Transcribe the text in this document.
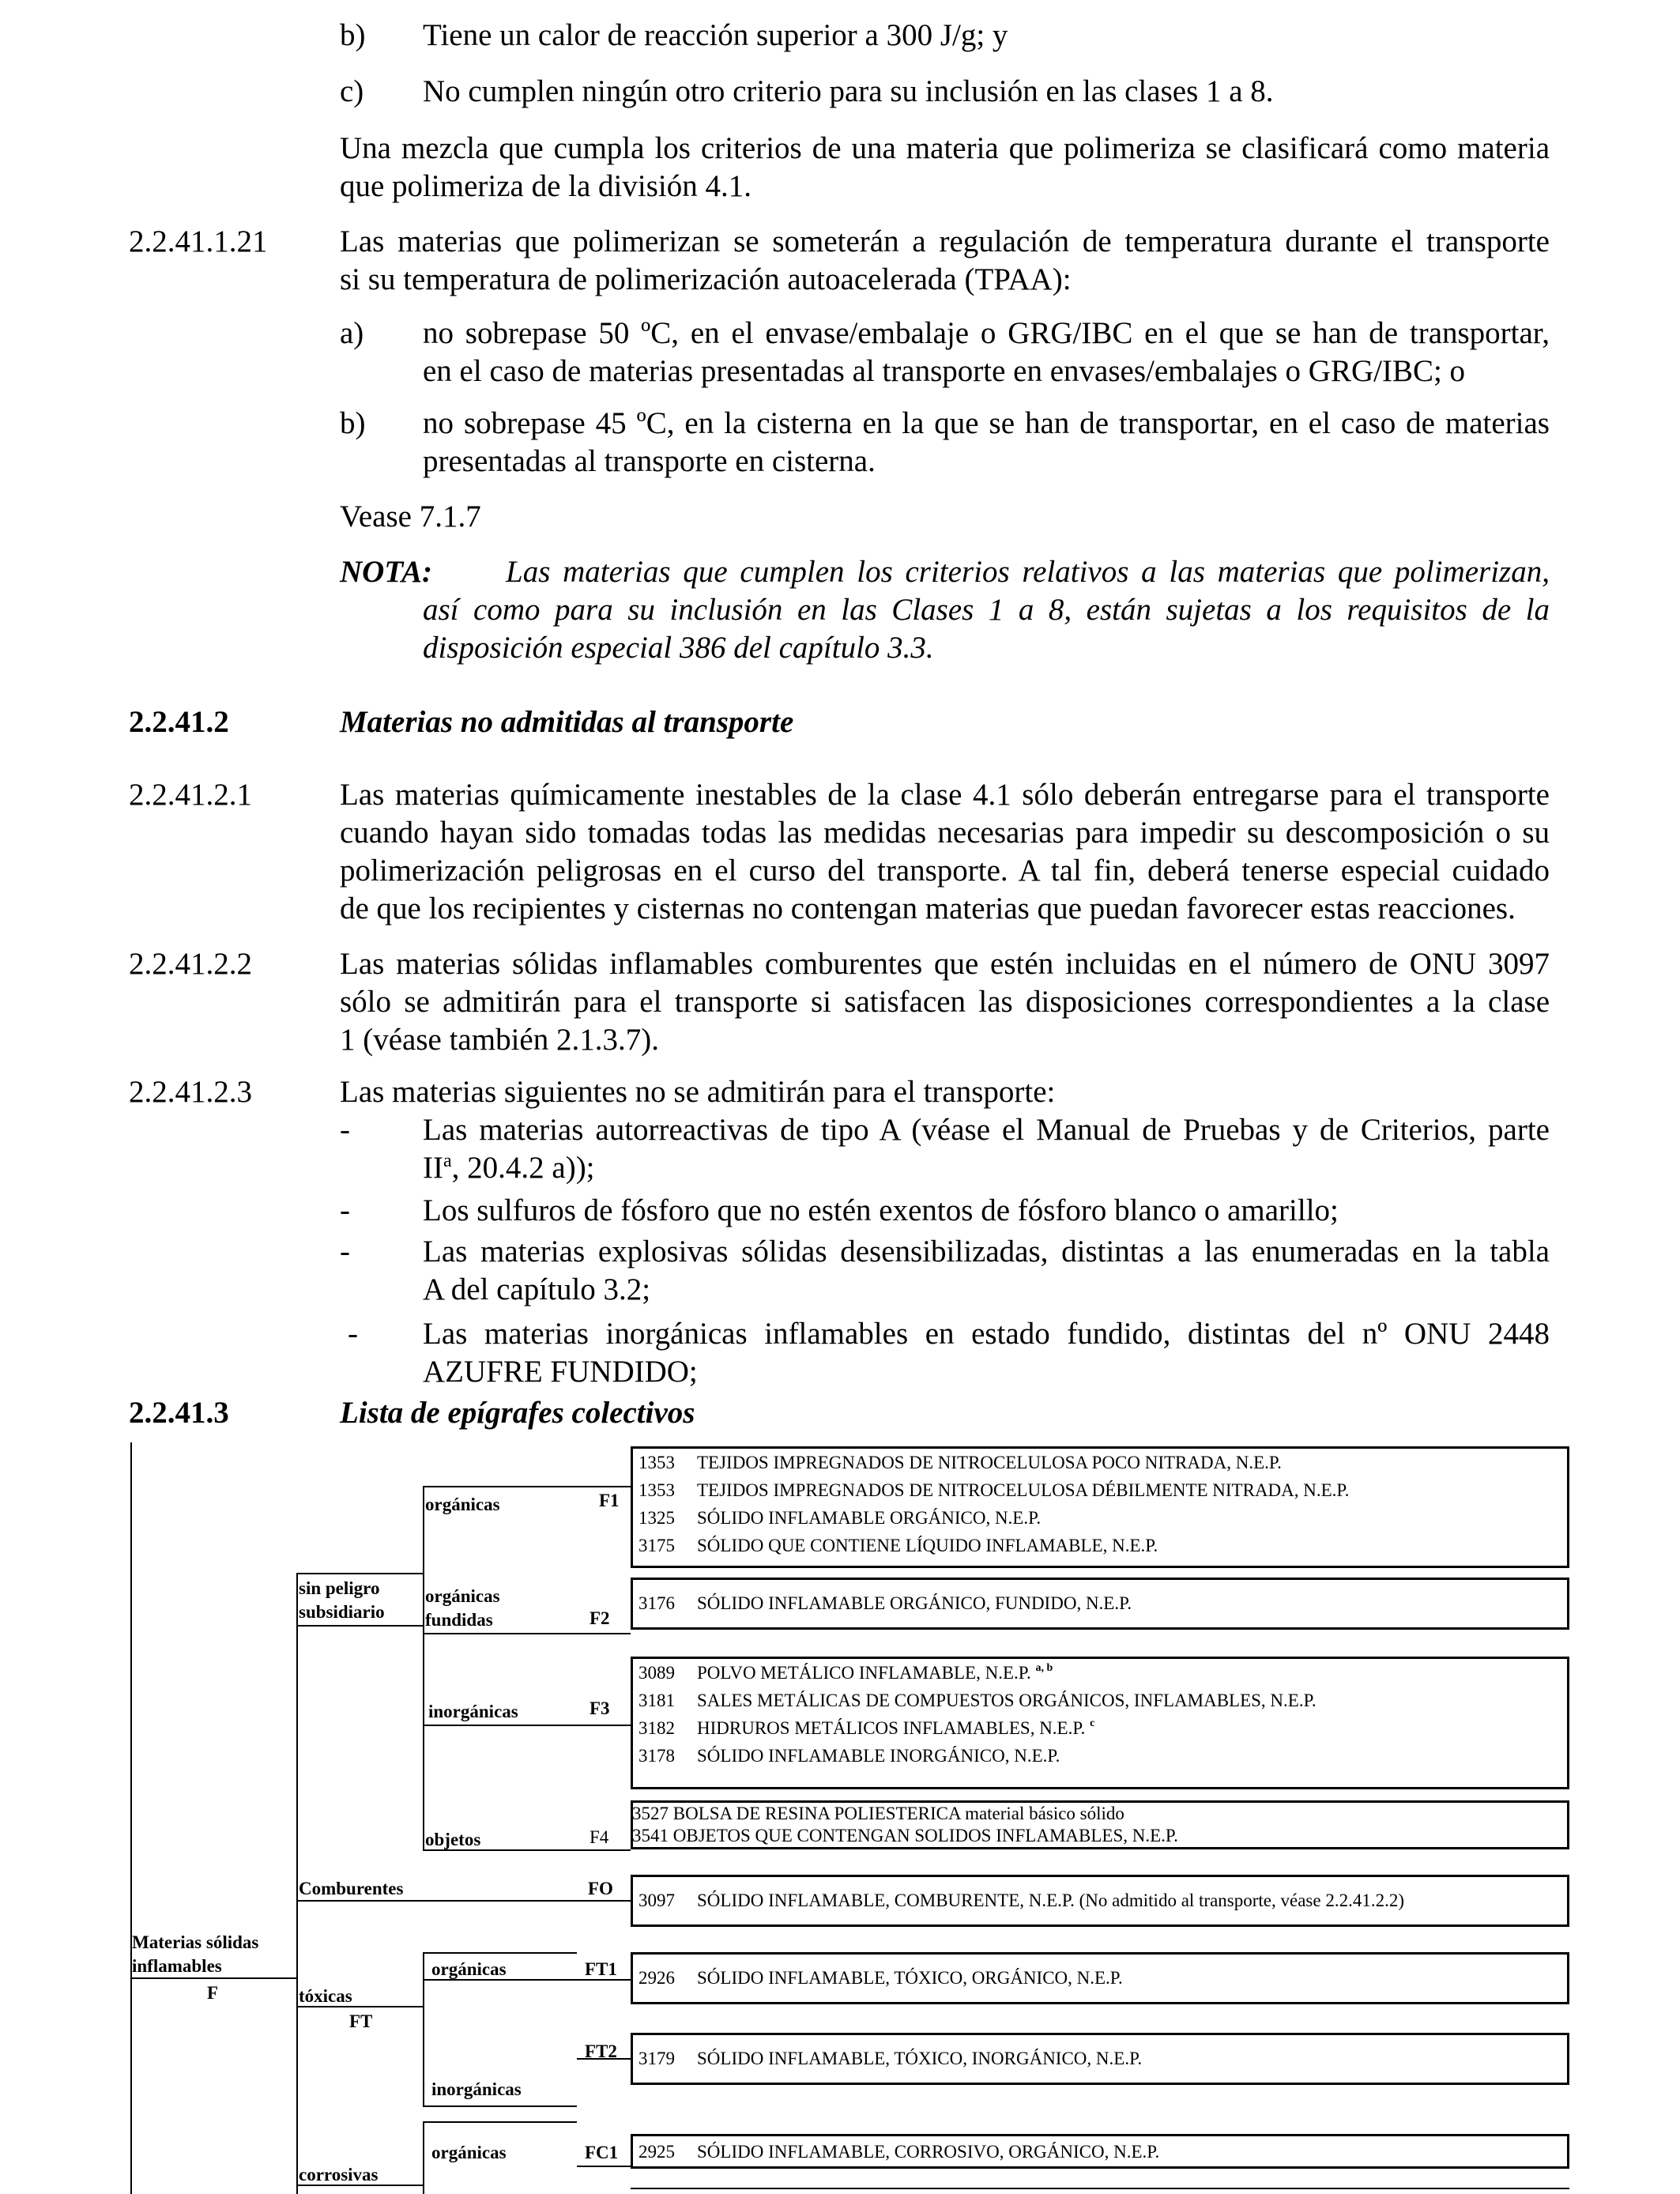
b) Tiene un calor de reacción superior a 300 J/g; y
c) No cumplen ningún otro criterio para su inclusión en las clases 1 a 8.
Una mezcla que cumpla los criterios de una materia que polimeriza se clasificará como materia
que polimeriza de la división 4.1.
2.2.41.1.21 Las materias que polimerizan se someterán a regulación de temperatura durante el transporte
si su temperatura de polimerización autoacelerada (TPAA):
a) no sobrepase 50 ºC, en el envase/embalaje o GRG/IBC en el que se han de transportar,
en el caso de materias presentadas al transporte en envases/embalajes o GRG/IBC; o
b) no sobrepase 45 ºC, en la cisterna en la que se han de transportar, en el caso de materias
presentadas al transporte en cisterna.
Vease 7.1.7
NOTA: Las materias que cumplen los criterios relativos a las materias que polimerizan,
así como para su inclusión en las Clases 1 a 8, están sujetas a los requisitos de la
disposición especial 386 del capítulo 3.3.
2.2.41.2	Materias no admitidas al transporte
2.2.41.2.1	Las materias químicamente inestables de la clase 4.1 sólo deberán entregarse para el transporte
cuando hayan sido tomadas todas las medidas necesarias para impedir su descomposición o su
polimerización peligrosas en el curso del transporte. A tal fin, deberá tenerse especial cuidado
de que los recipientes y cisternas no contengan materias que puedan favorecer estas reacciones.
2.2.41.2.2	Las materias sólidas inflamables comburentes que estén incluidas en el número de ONU 3097
sólo se admitirán para el transporte si satisfacen las disposiciones correspondientes a la clase
1 (véase también 2.1.3.7).
2.2.41.2.3	Las materias siguientes no se admitirán para el transporte:
- Las materias autorreactivas de tipo A (véase el Manual de Pruebas y de Criterios, parte
$II^a$, 20.4.2 a));
- Los sulfuros de fósforo que no estén exentos de fósforo blanco o amarillo;
- Las materias explosivas sólidas desensibilizadas, distintas a las enumeradas en la tabla
A del capítulo 3.2;
- Las materias inorgánicas inflamables en estado fundido, distintas del nº ONU 2448
AZUFRE FUNDIDO;
2.2.41.3	Lista de epígrafes colectivos
Materias sólidas
inflamables
F
sin peligro
subsidiario
orgánicas	F1
1353 TEJIDOS IMPREGNADOS DE NITROCELULOSA POCO NITRADA, N.E.P.
1353 TEJIDOS IMPREGNADOS DE NITROCELULOSA DÉBILMENTE NITRADA, N.E.P.
1325 SÓLIDO INFLAMABLE ORGÁNICO, N.E.P.
3175 SÓLIDO QUE CONTIENE LÍQUIDO INFLAMABLE, N.E.P.
orgánicas
fundidas	F2
3176 SÓLIDO INFLAMABLE ORGÁNICO, FUNDIDO, N.E.P.
inorgánicas	F3
3089 POLVO METÁLICO INFLAMABLE, N.E.P. $^{a, b}$
3181 SALES METÁLICAS DE COMPUESTOS ORGÁNICOS, INFLAMABLES, N.E.P.
3182 HIDRUROS METÁLICOS INFLAMABLES, N.E.P. $^c$
3178 SÓLIDO INFLAMABLE INORGÁNICO, N.E.P.
objetos	F4
3527 BOLSA DE RESINA POLIESTERICA material básico sólido
3541 OBJETOS QUE CONTENGAN SOLIDOS INFLAMABLES, N.E.P.
Comburentes	FO
3097 SÓLIDO INFLAMABLE, COMBURENTE, N.E.P. (No admitido al transporte, véase 2.2.41.2.2)
tóxicas
FT
orgánicas	FT1 2926 SÓLIDO INFLAMABLE, TÓXICO, ORGÁNICO, N.E.P.
inorgánicas
FT2 3179 SÓLIDO INFLAMABLE, TÓXICO, INORGÁNICO, N.E.P.
orgánicas	FC1 2925 SÓLIDO INFLAMABLE, CORROSIVO, ORGÁNICO, N.E.P.
corrosivas
